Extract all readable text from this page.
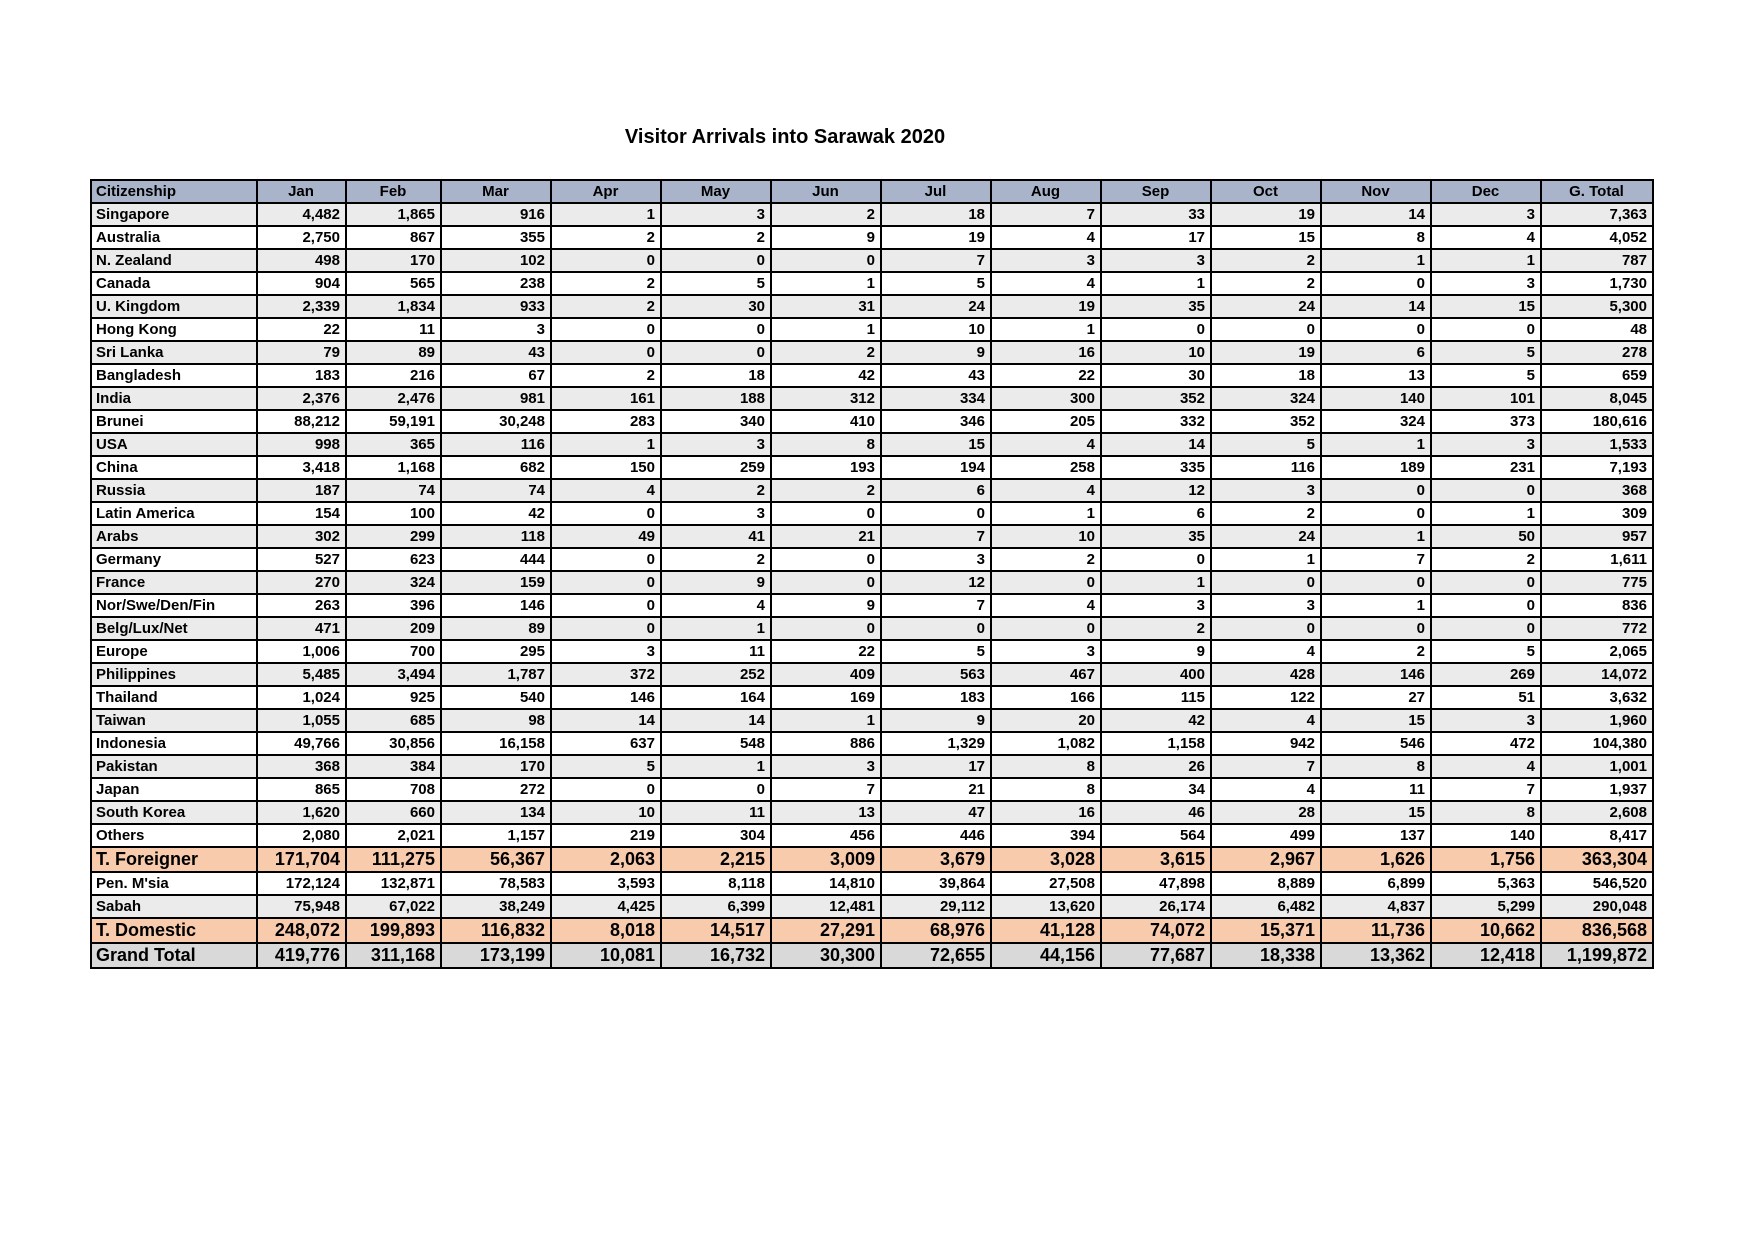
Visitor Arrivals into Sarawak 2020
Citizenship	Jan	Feb	Mar	Apr	May	Jun	Jul	Aug	Sep	Oct	Nov	Dec	G. Total
Singapore	4,482	1,865	916	1	3	2	18	7	33	19	14	3	7,363
Australia	2,750	867	355	2	2	9	19	4	17	15	8	4	4,052
N. Zealand	498	170	102	0	0	0	7	3	3	2	1	1	787
Canada	904	565	238	2	5	1	5	4	1	2	0	3	1,730
U. Kingdom	2,339	1,834	933	2	30	31	24	19	35	24	14	15	5,300
Hong Kong	22	11	3	0	0	1	10	1	0	0	0	0	48
Sri Lanka	79	89	43	0	0	2	9	16	10	19	6	5	278
Bangladesh	183	216	67	2	18	42	43	22	30	18	13	5	659
India	2,376	2,476	981	161	188	312	334	300	352	324	140	101	8,045
Brunei	88,212	59,191	30,248	283	340	410	346	205	332	352	324	373	180,616
USA	998	365	116	1	3	8	15	4	14	5	1	3	1,533
China	3,418	1,168	682	150	259	193	194	258	335	116	189	231	7,193
Russia	187	74	74	4	2	2	6	4	12	3	0	0	368
Latin America	154	100	42	0	3	0	0	1	6	2	0	1	309
Arabs	302	299	118	49	41	21	7	10	35	24	1	50	957
Germany	527	623	444	0	2	0	3	2	0	1	7	2	1,611
France	270	324	159	0	9	0	12	0	1	0	0	0	775
Nor/Swe/Den/Fin	263	396	146	0	4	9	7	4	3	3	1	0	836
Belg/Lux/Net	471	209	89	0	1	0	0	0	2	0	0	0	772
Europe	1,006	700	295	3	11	22	5	3	9	4	2	5	2,065
Philippines	5,485	3,494	1,787	372	252	409	563	467	400	428	146	269	14,072
Thailand	1,024	925	540	146	164	169	183	166	115	122	27	51	3,632
Taiwan	1,055	685	98	14	14	1	9	20	42	4	15	3	1,960
Indonesia	49,766	30,856	16,158	637	548	886	1,329	1,082	1,158	942	546	472	104,380
Pakistan	368	384	170	5	1	3	17	8	26	7	8	4	1,001
Japan	865	708	272	0	0	7	21	8	34	4	11	7	1,937
South Korea	1,620	660	134	10	11	13	47	16	46	28	15	8	2,608
Others	2,080	2,021	1,157	219	304	456	446	394	564	499	137	140	8,417
T. Foreigner	171,704	111,275	56,367	2,063	2,215	3,009	3,679	3,028	3,615	2,967	1,626	1,756	363,304
Pen. M'sia	172,124	132,871	78,583	3,593	8,118	14,810	39,864	27,508	47,898	8,889	6,899	5,363	546,520
Sabah	75,948	67,022	38,249	4,425	6,399	12,481	29,112	13,620	26,174	6,482	4,837	5,299	290,048
T. Domestic	248,072	199,893	116,832	8,018	14,517	27,291	68,976	41,128	74,072	15,371	11,736	10,662	836,568
Grand Total	419,776	311,168	173,199	10,081	16,732	30,300	72,655	44,156	77,687	18,338	13,362	12,418	1,199,872
